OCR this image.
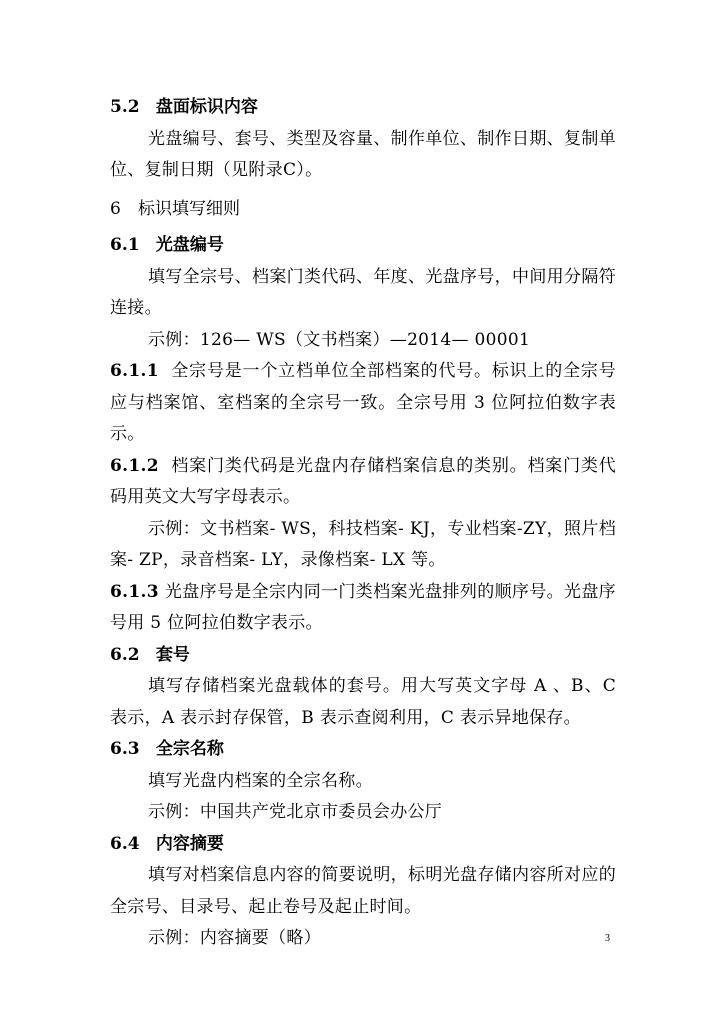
5.2 盘面标识内容

光盘编号、套号、类型及容量、制作单位、制作日期、复制单位、复制日期（见附录C）。

6 标识填写细则
6.1 光盘编号

填写全宗号、档案门类代码、年度、光盘序号，中间用分隔符连接。

示例：126— WS（文书档案）—2014— 00001

6.1.1 全宗号是一个立档单位全部档案的代号。标识上的全宗号应与档案馆、室档案的全宗号一致。全宗号用 3 位阿拉伯数字表示。

6.1.2 档案门类代码是光盘内存储档案信息的类别。档案门类代码用英文大写字母表示。

示例：文书档案- WS，科技档案- KJ，专业档案-ZY，照片档案- ZP，录音档案- LY，录像档案- LX 等。

6.1.3 光盘序号是全宗内同一门类档案光盘排列的顺序号。光盘序号用 5 位阿拉伯数字表示。

6.2 套号

填写存储档案光盘载体的套号。用大写英文字母 A 、B、C 表示，A 表示封存保管，B 表示查阅利用，C 表示异地保存。

6.3 全宗名称

填写光盘内档案的全宗名称。

示例：中国共产党北京市委员会办公厅

6.4 内容摘要

填写对档案信息内容的简要说明，标明光盘存储内容所对应的全宗号、目录号、起止卷号及起止时间。

示例：内容摘要（略）	3
